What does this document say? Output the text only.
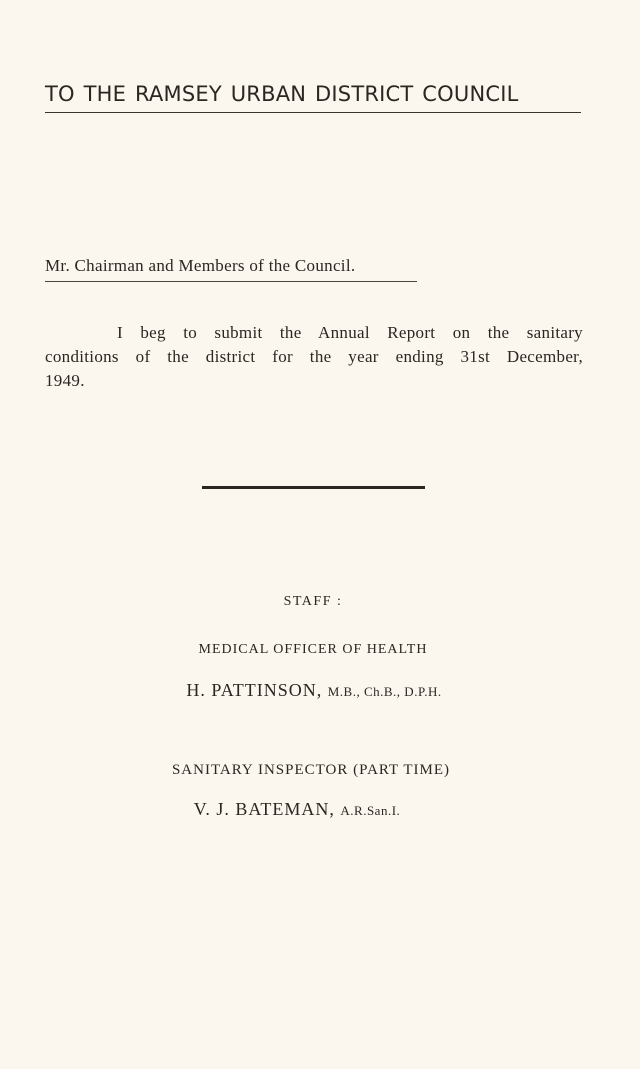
TO THE RAMSEY URBAN DISTRICT COUNCIL
Mr. Chairman and Members of the Council.
I beg to submit the Annual Report on the sanitary
conditions of the district for the year ending 31st December,
1949.
STAFF :
MEDICAL OFFICER OF HEALTH
H. PATTINSON, M.B., Ch.B., D.P.H.
SANITARY INSPECTOR (PART TIME)
V. J. BATEMAN, A.R.San.I.
